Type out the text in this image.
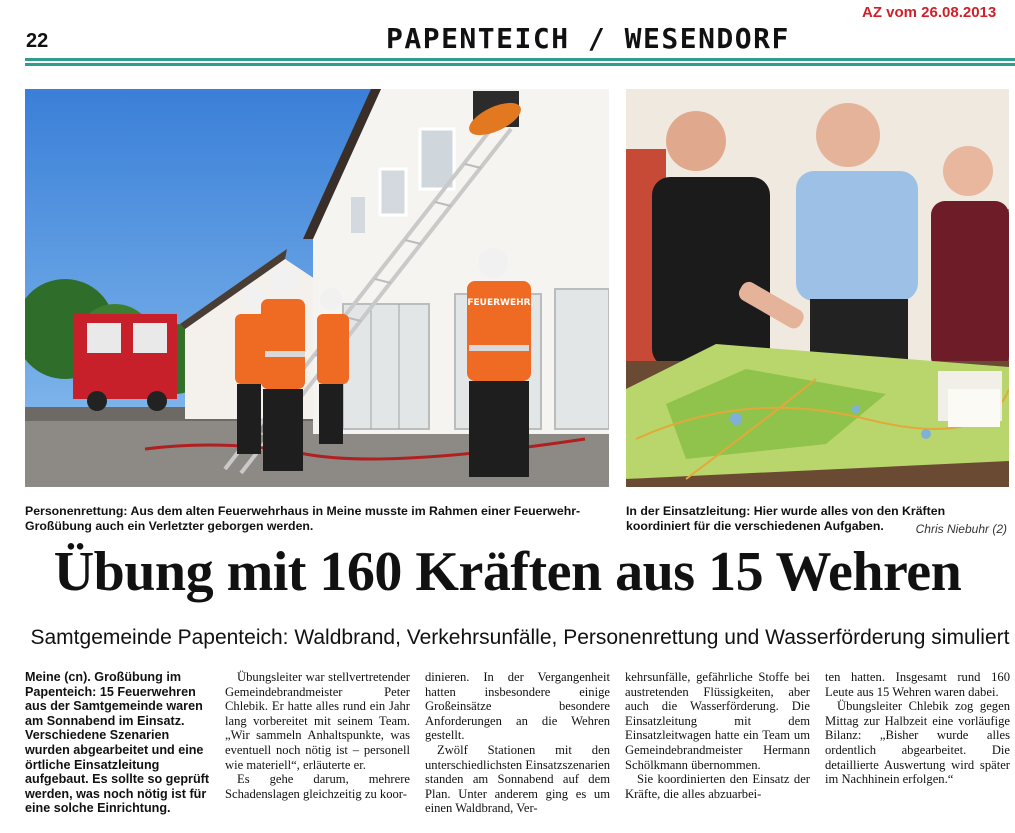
AZ vom 26.08.2013
22	PAPENTEICH / WESENDORF
FEUERWEHR
Personenrettung: Aus dem alten Feuerwehrhaus in Meine musste im Rahmen einer Feuerwehr-Großübung auch ein Verletzter geborgen werden.
In der Einsatzleitung: Hier wurde alles von den Kräften koordiniert für die verschiedenen Aufgaben.	Chris Niebuhr (2)
Übung mit 160 Kräften aus 15 Wehren
Samtgemeinde Papenteich: Waldbrand, Verkehrsunfälle, Personenrettung und Wasserförderung simuliert

Meine (cn). Großübung im Papenteich: 15 Feuerwehren aus der Samtgemeinde waren am Sonnabend im Einsatz. Verschiedene Szenarien wurden abgearbeitet und eine örtliche Einsatzleitung aufgebaut. Es sollte so geprüft werden, was noch nötig ist für eine solche Einrichtung.

Übungsleiter war stellvertretender Gemeindebrandmeister Peter Chlebik. Er hatte alles rund ein Jahr lang vorbereitet mit seinem Team. „Wir sammeln Anhaltspunkte, was eventuell noch nötig ist – personell wie materiell“, erläuterte er.

Es gehe darum, mehrere Schadenslagen gleichzeitig zu koor-

dinieren. In der Vergangenheit hatten insbesondere einige Großeinsätze besondere Anforderungen an die Wehren gestellt.

Zwölf Stationen mit den unterschiedlichsten Einsatzszenarien standen am Sonnabend auf dem Plan. Unter anderem ging es um einen Waldbrand, Ver-

kehrsunfälle, gefährliche Stoffe bei austretenden Flüssigkeiten, aber auch die Wasserförderung. Die Einsatzleitung mit dem Einsatzleitwagen hatte ein Team um Gemeindebrandmeister Hermann Schölkmann übernommen.

Sie koordinierten den Einsatz der Kräfte, die alles abzuarbei-

ten hatten. Insgesamt rund 160 Leute aus 15 Wehren waren dabei.

Übungsleiter Chlebik zog gegen Mittag zur Halbzeit eine vorläufige Bilanz: „Bisher wurde alles ordentlich abgearbeitet. Die detaillierte Auswertung wird später im Nachhinein erfolgen.“
